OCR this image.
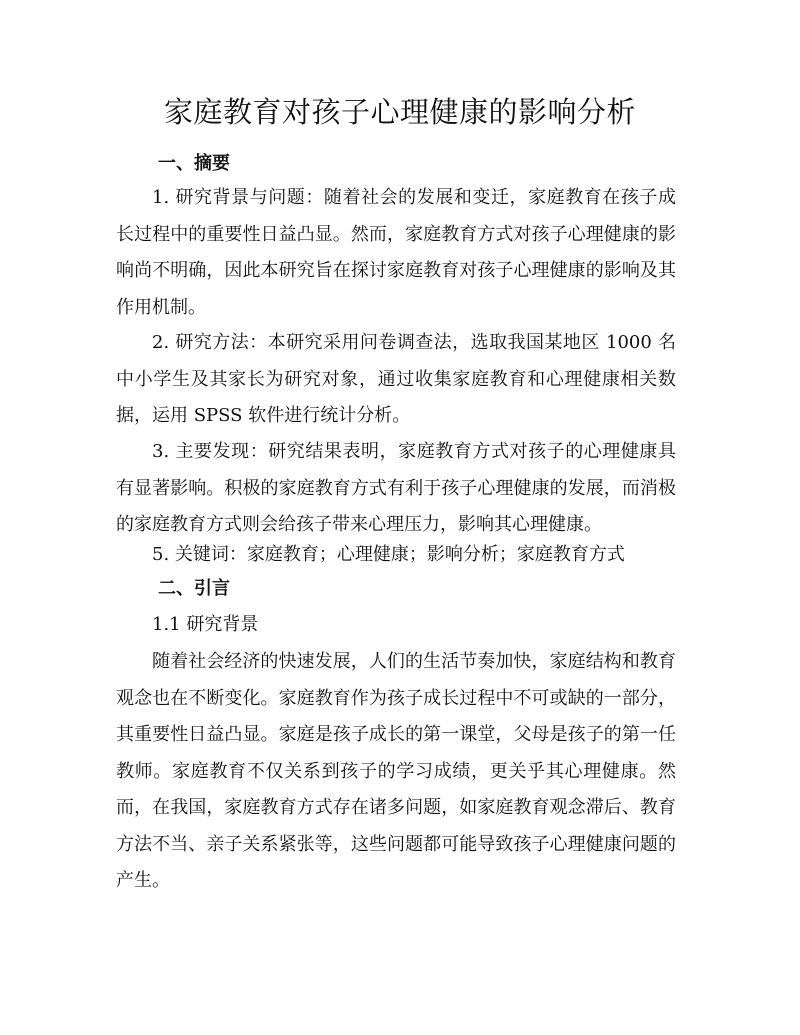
家庭教育对孩子心理健康的影响分析
一、摘要

1. 研究背景与问题：随着社会的发展和变迁，家庭教育在孩子成长过程中的重要性日益凸显。然而，家庭教育方式对孩子心理健康的影响尚不明确，因此本研究旨在探讨家庭教育对孩子心理健康的影响及其作用机制。

2. 研究方法：本研究采用问卷调查法，选取我国某地区 1000 名中小学生及其家长为研究对象，通过收集家庭教育和心理健康相关数据，运用 SPSS 软件进行统计分析。

3. 主要发现：研究结果表明，家庭教育方式对孩子的心理健康具有显著影响。积极的家庭教育方式有利于孩子心理健康的发展，而消极的家庭教育方式则会给孩子带来心理压力，影响其心理健康。

5. 关键词：家庭教育；心理健康；影响分析；家庭教育方式
二、引言
1.1 研究背景

随着社会经济的快速发展，人们的生活节奏加快，家庭结构和教育观念也在不断变化。家庭教育作为孩子成长过程中不可或缺的一部分，其重要性日益凸显。家庭是孩子成长的第一课堂，父母是孩子的第一任教师。家庭教育不仅关系到孩子的学习成绩，更关乎其心理健康。然而，在我国，家庭教育方式存在诸多问题，如家庭教育观念滞后、教育方法不当、亲子关系紧张等，这些问题都可能导致孩子心理健康问题的产生。
